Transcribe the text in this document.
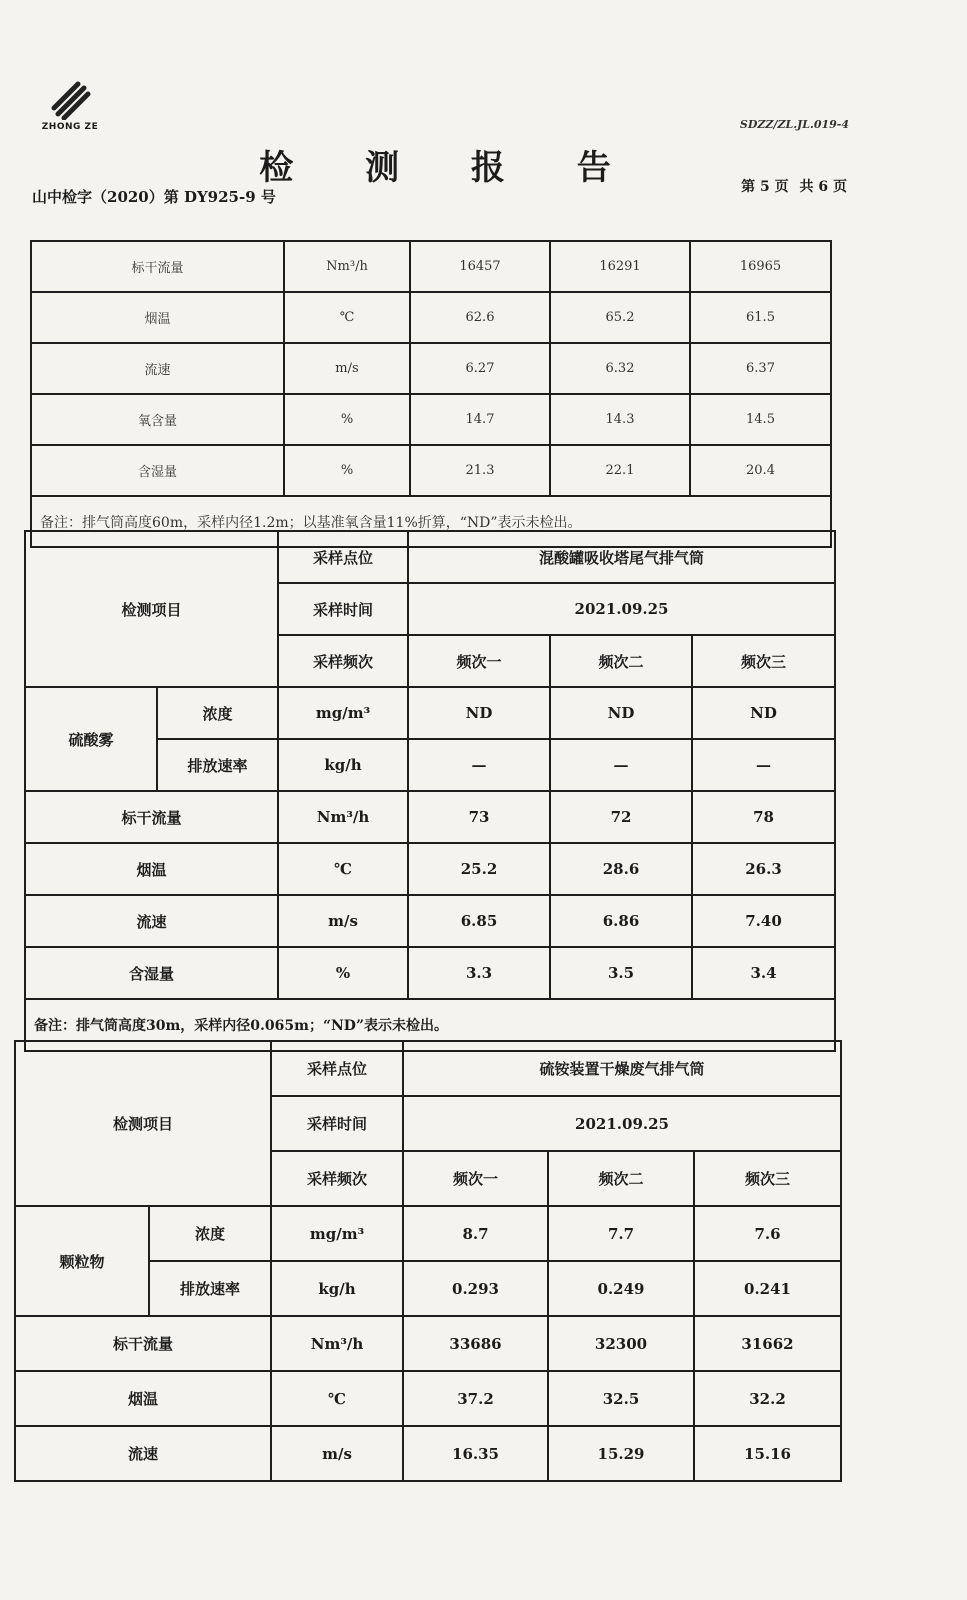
ZHONG ZE	SDZZ/ZL.JL.019-4
检 测 报 告
山中检字（2020）第 DY925-9 号
第 5 页 共 6 页
标干流量	Nm³/h	16457	16291	16965
烟温	℃	62.6	65.2	61.5
流速	m/s	6.27	6.32	6.37
氧含量	%	14.7	14.3	14.5
含湿量	%	21.3	22.1	20.4
备注：排气筒高度60m，采样内径1.2m；以基准氧含量11%折算，“ND”表示未检出。				
检测项目		采样点位	混酸罐吸收塔尾气排气筒		
		采样时间	2021.09.25		
		采样频次	频次一	频次二	频次三
硫酸雾	浓度	mg/m³	ND	ND	ND
	排放速率	kg/h	—	—	—
标干流量		Nm³/h	73	72	78
烟温		℃	25.2	28.6	26.3
流速		m/s	6.85	6.86	7.40
含湿量		%	3.3	3.5	3.4
备注：排气筒高度30m，采样内径0.065m；“ND”表示未检出。					
检测项目		采样点位	硫铵装置干燥废气排气筒		
		采样时间	2021.09.25		
		采样频次	频次一	频次二	频次三
颗粒物	浓度	mg/m³	8.7	7.7	7.6
	排放速率	kg/h	0.293	0.249	0.241
标干流量		Nm³/h	33686	32300	31662
烟温		℃	37.2	32.5	32.2
流速		m/s	16.35	15.29	15.16
